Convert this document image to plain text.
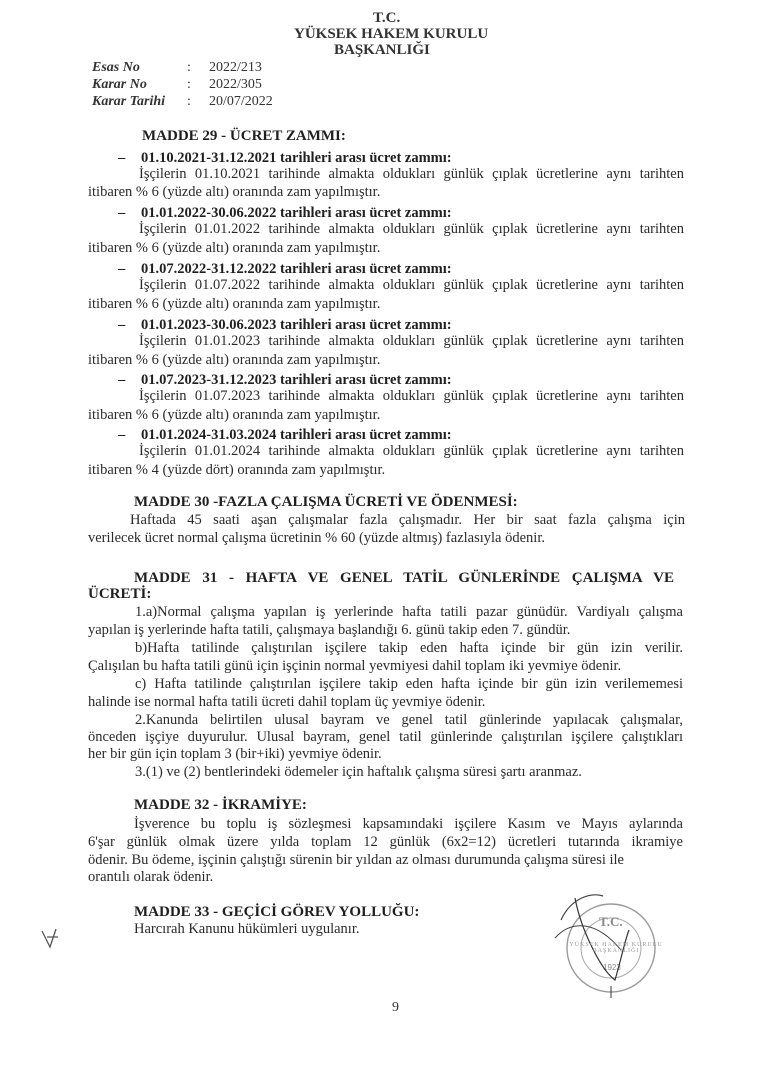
T.C.
YÜKSEK HAKEM KURULU
BAŞKANLIĞI
Esas No	: 2022/213
Karar No	: 2022/305
Karar Tarihi : 20/07/2022
MADDE 29 - ÜCRET ZAMMI:
– 01.10.2021-31.12.2021 tarihleri arası ücret zammı:
İşçilerin 01.10.2021 tarihinde almakta oldukları günlük çıplak ücretlerine aynı tarihten
itibaren % 6 (yüzde altı) oranında zam yapılmıştır.
– 01.01.2022-30.06.2022 tarihleri arası ücret zammı:
İşçilerin 01.01.2022 tarihinde almakta oldukları günlük çıplak ücretlerine aynı tarihten
itibaren % 6 (yüzde altı) oranında zam yapılmıştır.
– 01.07.2022-31.12.2022 tarihleri arası ücret zammı:
İşçilerin 01.07.2022 tarihinde almakta oldukları günlük çıplak ücretlerine aynı tarihten
itibaren % 6 (yüzde altı) oranında zam yapılmıştır.
– 01.01.2023-30.06.2023 tarihleri arası ücret zammı:
İşçilerin 01.01.2023 tarihinde almakta oldukları günlük çıplak ücretlerine aynı tarihten
itibaren % 6 (yüzde altı) oranında zam yapılmıştır.
– 01.07.2023-31.12.2023 tarihleri arası ücret zammı:
İşçilerin 01.07.2023 tarihinde almakta oldukları günlük çıplak ücretlerine aynı tarihten
itibaren % 6 (yüzde altı) oranında zam yapılmıştır.
– 01.01.2024-31.03.2024 tarihleri arası ücret zammı:
İşçilerin 01.01.2024 tarihinde almakta oldukları günlük çıplak ücretlerine aynı tarihten
itibaren % 4 (yüzde dört) oranında zam yapılmıştır.
MADDE 30 -FAZLA ÇALIŞMA ÜCRETİ VE ÖDENMESİ:
Haftada 45 saati aşan çalışmalar fazla çalışmadır. Her bir saat fazla çalışma için
verilecek ücret normal çalışma ücretinin % 60 (yüzde altmış) fazlasıyla ödenir.
MADDE 31 - HAFTA VE GENEL TATİL GÜNLERİNDE ÇALIŞMA VE
ÜCRETİ:
1.a)Normal çalışma yapılan iş yerlerinde hafta tatili pazar günüdür. Vardiyalı çalışma
yapılan iş yerlerinde hafta tatili, çalışmaya başlandığı 6. günü takip eden 7. gündür.
b)Hafta tatilinde çalıştırılan işçilere takip eden hafta içinde bir gün izin verilir.
Çalışılan bu hafta tatili günü için işçinin normal yevmiyesi dahil toplam iki yevmiye ödenir.
c) Hafta tatilinde çalıştırılan işçilere takip eden hafta içinde bir gün izin verilememesi
halinde ise normal hafta tatili ücreti dahil toplam üç yevmiye ödenir.
2.Kanunda belirtilen ulusal bayram ve genel tatil günlerinde yapılacak çalışmalar,
önceden işçiye duyurulur. Ulusal bayram, genel tatil günlerinde çalıştırılan işçilere çalıştıkları
her bir gün için toplam 3 (bir+iki) yevmiye ödenir.
3.(1) ve (2) bentlerindeki ödemeler için haftalık çalışma süresi şartı aranmaz.
MADDE 32 - İKRAMİYE:
İşverence bu toplu iş sözleşmesi kapsamındaki işçilere Kasım ve Mayıs aylarında
6'şar günlük olmak üzere yılda toplam 12 günlük (6x2=12) ücretleri tutarında ikramiye
ödenir. Bu ödeme, işçinin çalıştığı sürenin bir yıldan az olması durumunda çalışma süresi ile
orantılı olarak ödenir.
MADDE 33 - GEÇİCİ GÖREV YOLLUĞU:
Harcırah Kanunu hükümleri uygulanır.	T.C.
1923
YÜKSEK HAKEM KURULU BAŞKANLIĞI
9
